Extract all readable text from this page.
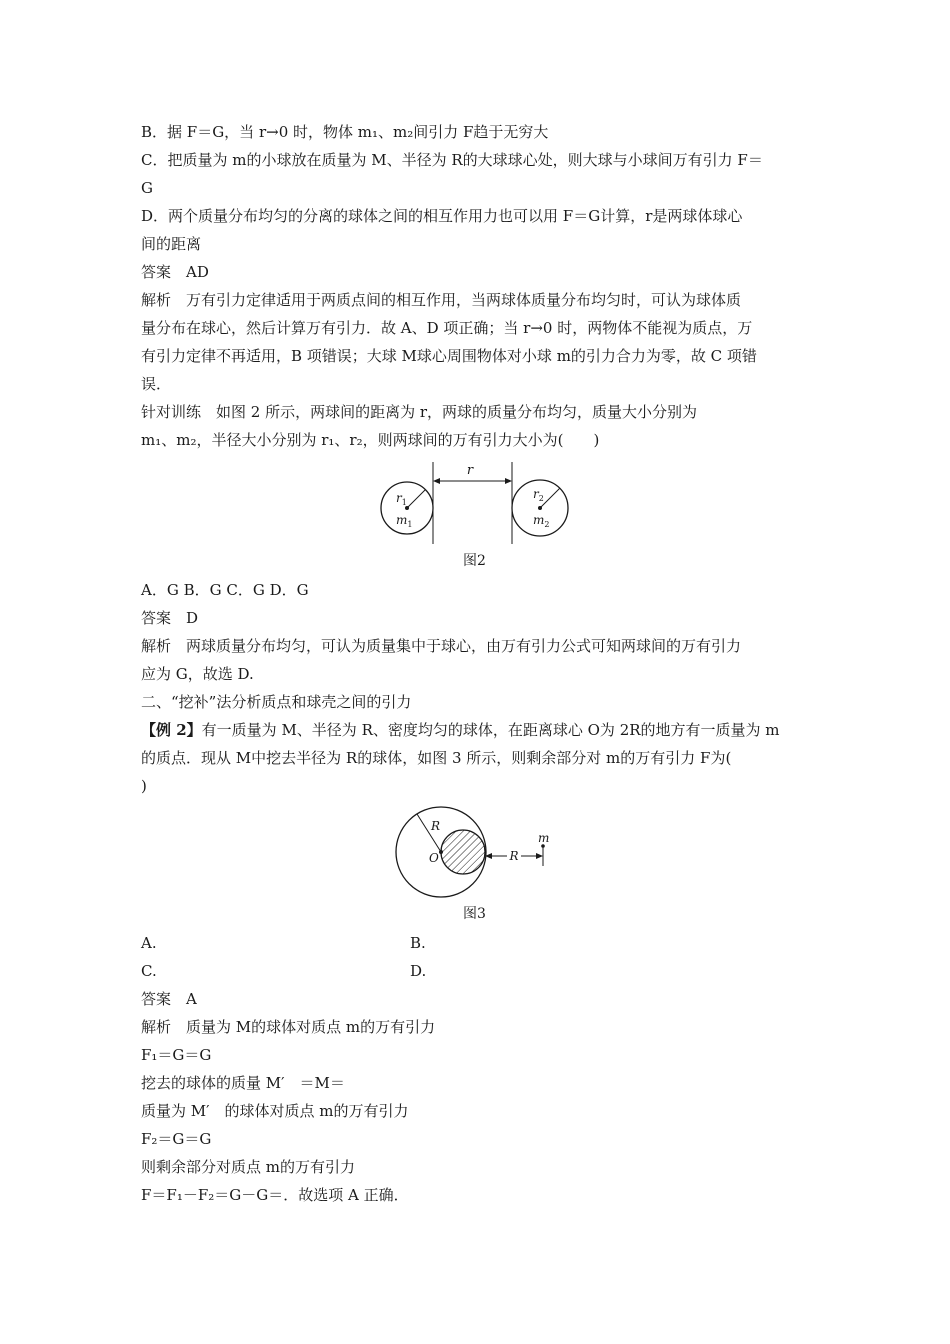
B．据 F＝G，当 r→0 时，物体 m₁、m₂间引力 F趋于无穷大
C．把质量为 m的小球放在质量为 M、半径为 R的大球球心处，则大球与小球间万有引力 F＝
G
D．两个质量分布均匀的分离的球体之间的相互作用力也可以用 F＝G计算，r是两球体球心
间的距离
答案　AD
解析　万有引力定律适用于两质点间的相互作用，当两球体质量分布均匀时，可认为球体质
量分布在球心，然后计算万有引力．故 A、D 项正确；当 r→0 时，两物体不能视为质点，万
有引力定律不再适用，B 项错误；大球 M球心周围物体对小球 m的引力合力为零，故 C 项错
误．
针对训练　如图 2 所示，两球间的距离为 r，两球的质量分布均匀，质量大小分别为
m₁、m₂，半径大小分别为 r₁、r₂，则两球间的万有引力大小为(　　)
r
$r_1$
$m_1$
$r_2$
$m_2$
图2
A．G B．G C．G D．G
答案　D
解析　两球质量分布均匀，可认为质量集中于球心，由万有引力公式可知两球间的万有引力
应为 G，故选 D.
二、“挖补”法分析质点和球壳之间的引力
【例 2】有一质量为 M、半径为 R、密度均匀的球体，在距离球心 O为 2R的地方有一质量为 m
的质点．现从 M中挖去半径为 R的球体，如图 3 所示，则剩余部分对 m的万有引力 F为(
)
R
O	R
m
图3
A.	B.
C.	D.
答案　A
解析　质量为 M的球体对质点 m的万有引力
F₁＝G＝G
挖去的球体的质量 M′　＝M＝
质量为 M′　的球体对质点 m的万有引力
F₂＝G＝G
则剩余部分对质点 m的万有引力
F＝F₁－F₂＝G－G＝．故选项 A 正确．
